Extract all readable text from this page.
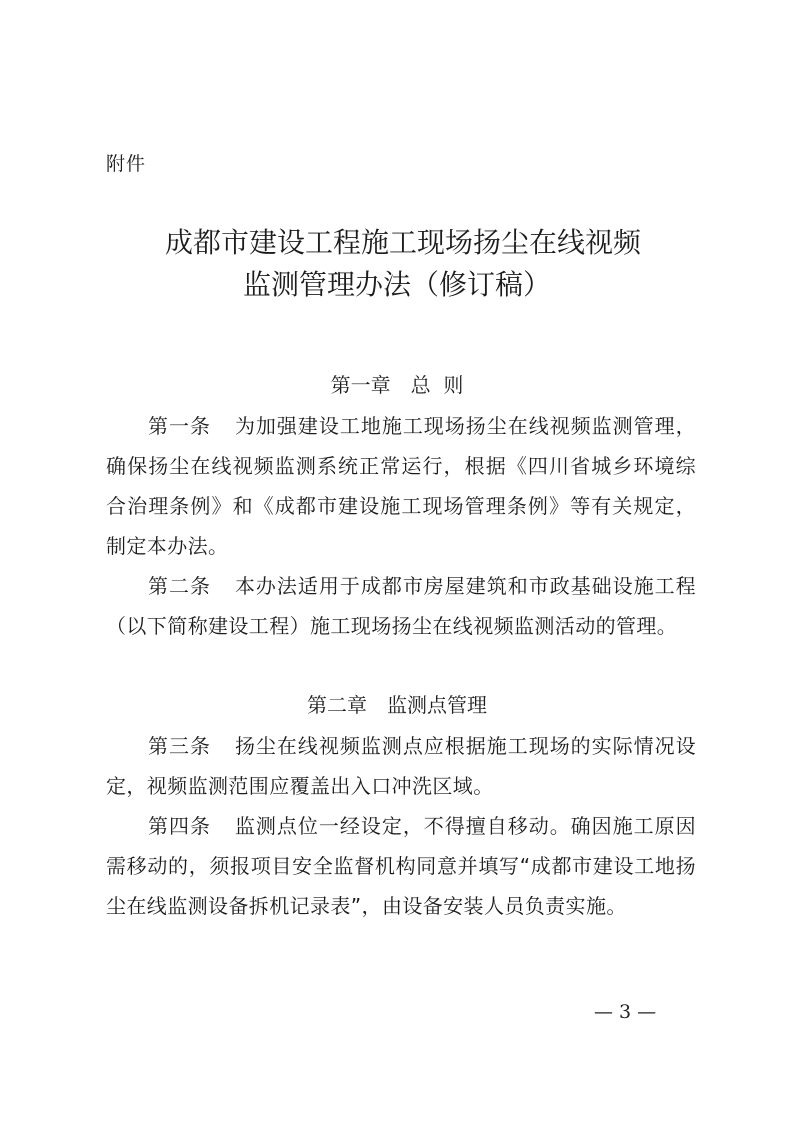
附件
成都市建设工程施工现场扬尘在线视频
监测管理办法（修订稿）
第一章　总  则

第一条 为加强建设工地施工现场扬尘在线视频监测管理，确保扬尘在线视频监测系统正常运行，根据《四川省城乡环境综合治理条例》和《成都市建设施工现场管理条例》等有关规定，制定本办法。

第二条 本办法适用于成都市房屋建筑和市政基础设施工程（以下简称建设工程）施工现场扬尘在线视频监测活动的管理。

第二章　监测点管理

第三条 扬尘在线视频监测点应根据施工现场的实际情况设定，视频监测范围应覆盖出入口冲洗区域。

第四条 监测点位一经设定，不得擅自移动。确因施工原因需移动的，须报项目安全监督机构同意并填写“成都市建设工地扬尘在线监测设备拆机记录表”，由设备安装人员负责实施。

— 3 —
